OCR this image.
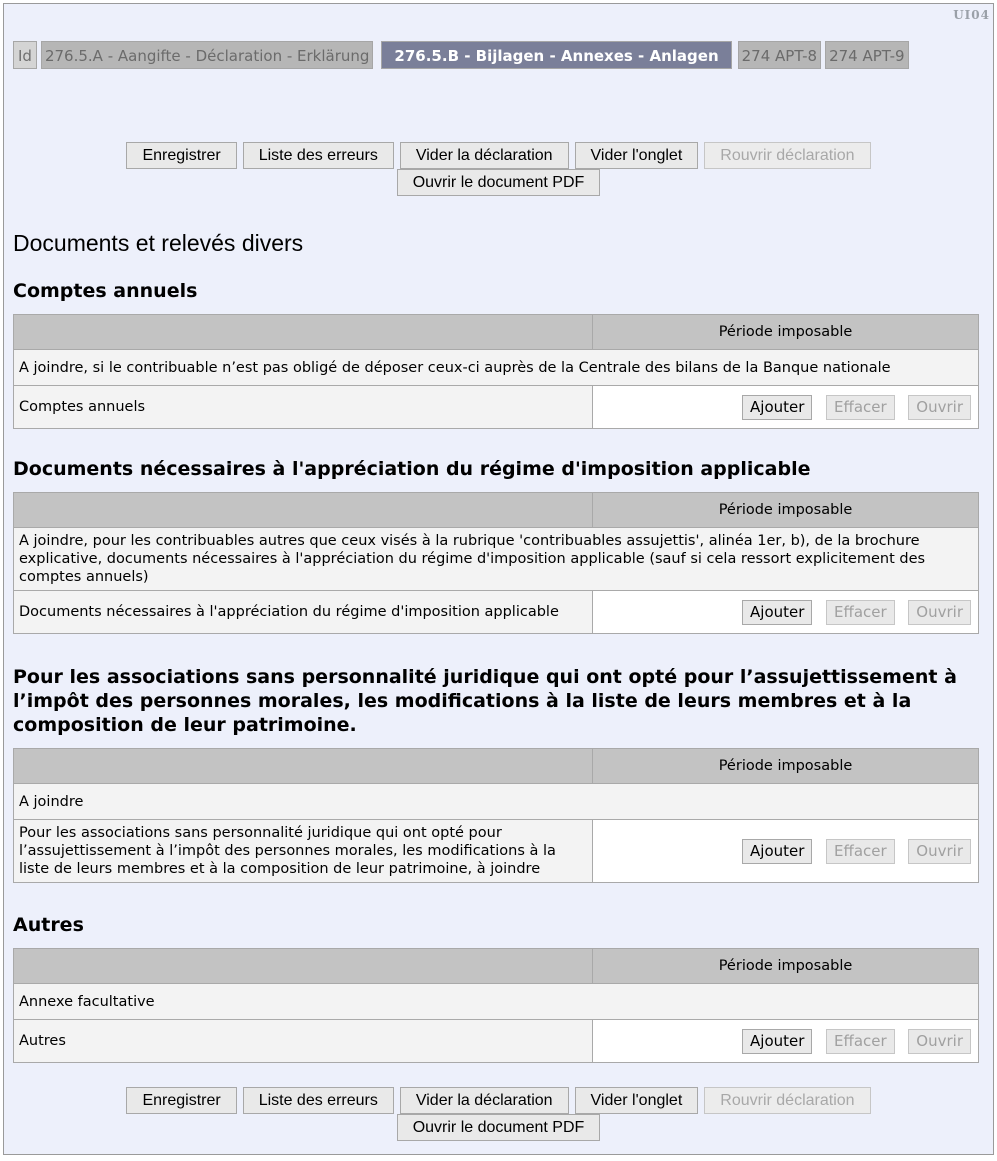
UI04
Id 276.5.A - Aangifte - Déclaration - Erklärung	276.5.B - Bijlagen - Annexes - Anlagen	274 APT-8 274 APT-9
Enregistrer Liste des erreurs Vider la déclaration Vider l'onglet Rouvrir déclaration
Ouvrir le document PDF
Documents et relevés divers
Comptes annuels
	Période imposable
A joindre, si le contribuable n’est pas obligé de déposer ceux-ci auprès de la Centrale des bilans de la Banque nationale	
Comptes annuels	Ajouter Effacer Ouvrir
Documents nécessaires à l'appréciation du régime d'imposition applicable
	Période imposable
A joindre, pour les contribuables autres que ceux visés à la rubrique 'contribuables assujettis', alinéa 1er, b), de la brochure explicative, documents nécessaires à l'appréciation du régime d'imposition applicable (sauf si cela ressort explicitement des comptes annuels)	
Documents nécessaires à l'appréciation du régime d'imposition applicable	Ajouter Effacer Ouvrir
Pour les associations sans personnalité juridique qui ont opté pour l’assujettissement à l’impôt des personnes morales, les modifications à la liste de leurs membres et à la composition de leur patrimoine.
	Période imposable
A joindre	
Pour les associations sans personnalité juridique qui ont opté pour l’assujettissement à l’impôt des personnes morales, les modifications à la liste de leurs membres et à la composition de leur patrimoine, à joindre	Ajouter Effacer Ouvrir
Autres
	Période imposable
Annexe facultative	
Autres	Ajouter Effacer Ouvrir
Enregistrer Liste des erreurs Vider la déclaration Vider l'onglet Rouvrir déclaration
Ouvrir le document PDF
